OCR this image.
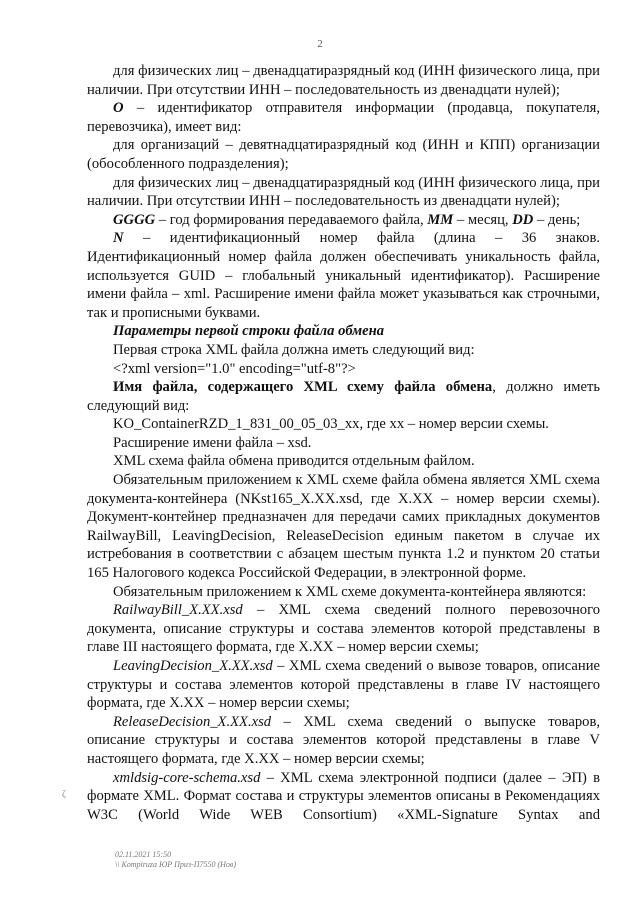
2

для физических лиц – двенадцатиразрядный код (ИНН физического лица, при наличии. При отсутствии ИНН – последовательность из двенадцати нулей);

O – идентификатор отправителя информации (продавца, покупателя, перевозчика), имеет вид:

для организаций – девятнадцатиразрядный код (ИНН и КПП) организации (обособленного подразделения);

для физических лиц – двенадцатиразрядный код (ИНН физического лица, при наличии. При отсутствии ИНН – последовательность из двенадцати нулей);

GGGG – год формирования передаваемого файла, MM – месяц, DD – день;

N – идентификационный номер файла (длина – 36 знаков. Идентификационный номер файла должен обеспечивать уникальность файла, используется GUID – глобальный уникальный идентификатор). Расширение имени файла – xml. Расширение имени файла может указываться как строчными, так и прописными буквами.

Параметры первой строки файла обмена

Первая строка XML файла должна иметь следующий вид:

<?xml version="1.0" encoding="utf-8"?>

Имя файла, содержащего XML схему файла обмена, должно иметь следующий вид:

KO_ContainerRZD_1_831_00_05_03_xx, где xx – номер версии схемы.

Расширение имени файла – xsd.

XML схема файла обмена приводится отдельным файлом.

Обязательным приложением к XML схеме файла обмена является XML схема документа-контейнера (NKst165_X.XX.xsd, где X.XX – номер версии схемы). Документ-контейнер предназначен для передачи самих прикладных документов RailwayBill, LeavingDecision, ReleaseDecision единым пакетом в случае их истребования в соответствии с абзацем шестым пункта 1.2 и пунктом 20 статьи 165 Налогового кодекса Российской Федерации, в электронной форме.

Обязательным приложением к XML схеме документа-контейнера являются:

RailwayBill_X.XX.xsd – XML схема сведений полного перевозочного документа, описание структуры и состава элементов которой представлены в главе III настоящего формата, где X.XX – номер версии схемы;

LeavingDecision_X.XX.xsd – XML схема сведений о вывозе товаров, описание структуры и состава элементов которой представлены в главе IV настоящего формата, где X.XX – номер версии схемы;

ReleaseDecision_X.XX.xsd – XML схема сведений о выпуске товаров, описание структуры и состава элементов которой представлены в главе V настоящего формата, где X.XX – номер версии схемы;

xmldsig-core-schema.xsd – XML схема электронной подписи (далее – ЭП) в формате XML. Формат состава и структуры элементов описаны в Рекомендациях W3C (World Wide WEB Consortium) «XML-Signature Syntax and

ζ
02.11.2021 15:50
\\ Kompiruza ЮР Приз-П7550 (Нов)
